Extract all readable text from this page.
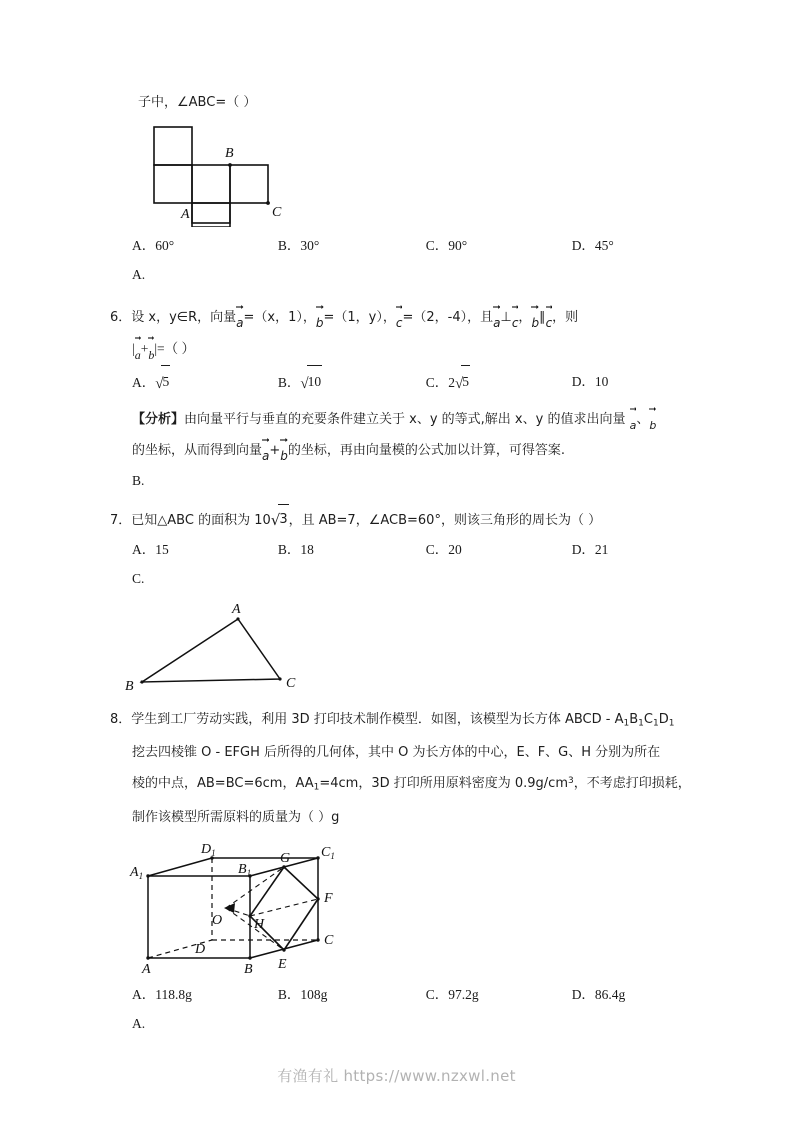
子中，∠ABC=（ ）
B
A	C
A．60°	B．30°	C．90°	D．45°
A.
6．设 x，y∈R，向量
a=（x，1），
b=（1，y），
c=（2，-4），且
a⊥
c，
b∥
c，则
|
a+
b|=（ ）
A．√5	B．√10	C．2√5	D．10
【分析】由向量平行与垂直的充要条件建立关于 x、y 的等式,解出 x、y 的值求出向量
$_a$、
$_b$
的坐标，从而得到向量
a+
b的坐标，再由向量模的公式加以计算，可得答案.
B.
7．已知△ABC 的面积为 10√3，且 AB=7，∠ACB=60°，则该三角形的周长为（ ）
A．15	B．18	C．20	D．21
C.
A
B	C
8．学生到工厂劳动实践，利用 3D 打印技术制作模型．如图，该模型为长方体 ABCD - $A_1B_1C_1D_1$
挖去四棱锥 O - EFGH 后所得的几何体，其中 O 为长方体的中心，E、F、G、H 分别为所在
棱的中点，AB=BC=6cm，$AA_1=4cm$，3D 打印所用原料密度为 $0.9g/cm^3$，不考虑打印损耗，
制作该模型所需原料的质量为（ ）g
$A_1$
$D_1$
$B_1$
$C_1$
G
F
O H
D
C
A	B E
A．118.8g	B．108g	C．97.2g	D．86.4g
A.
有渔有礼 https://www.nzxwl.net
